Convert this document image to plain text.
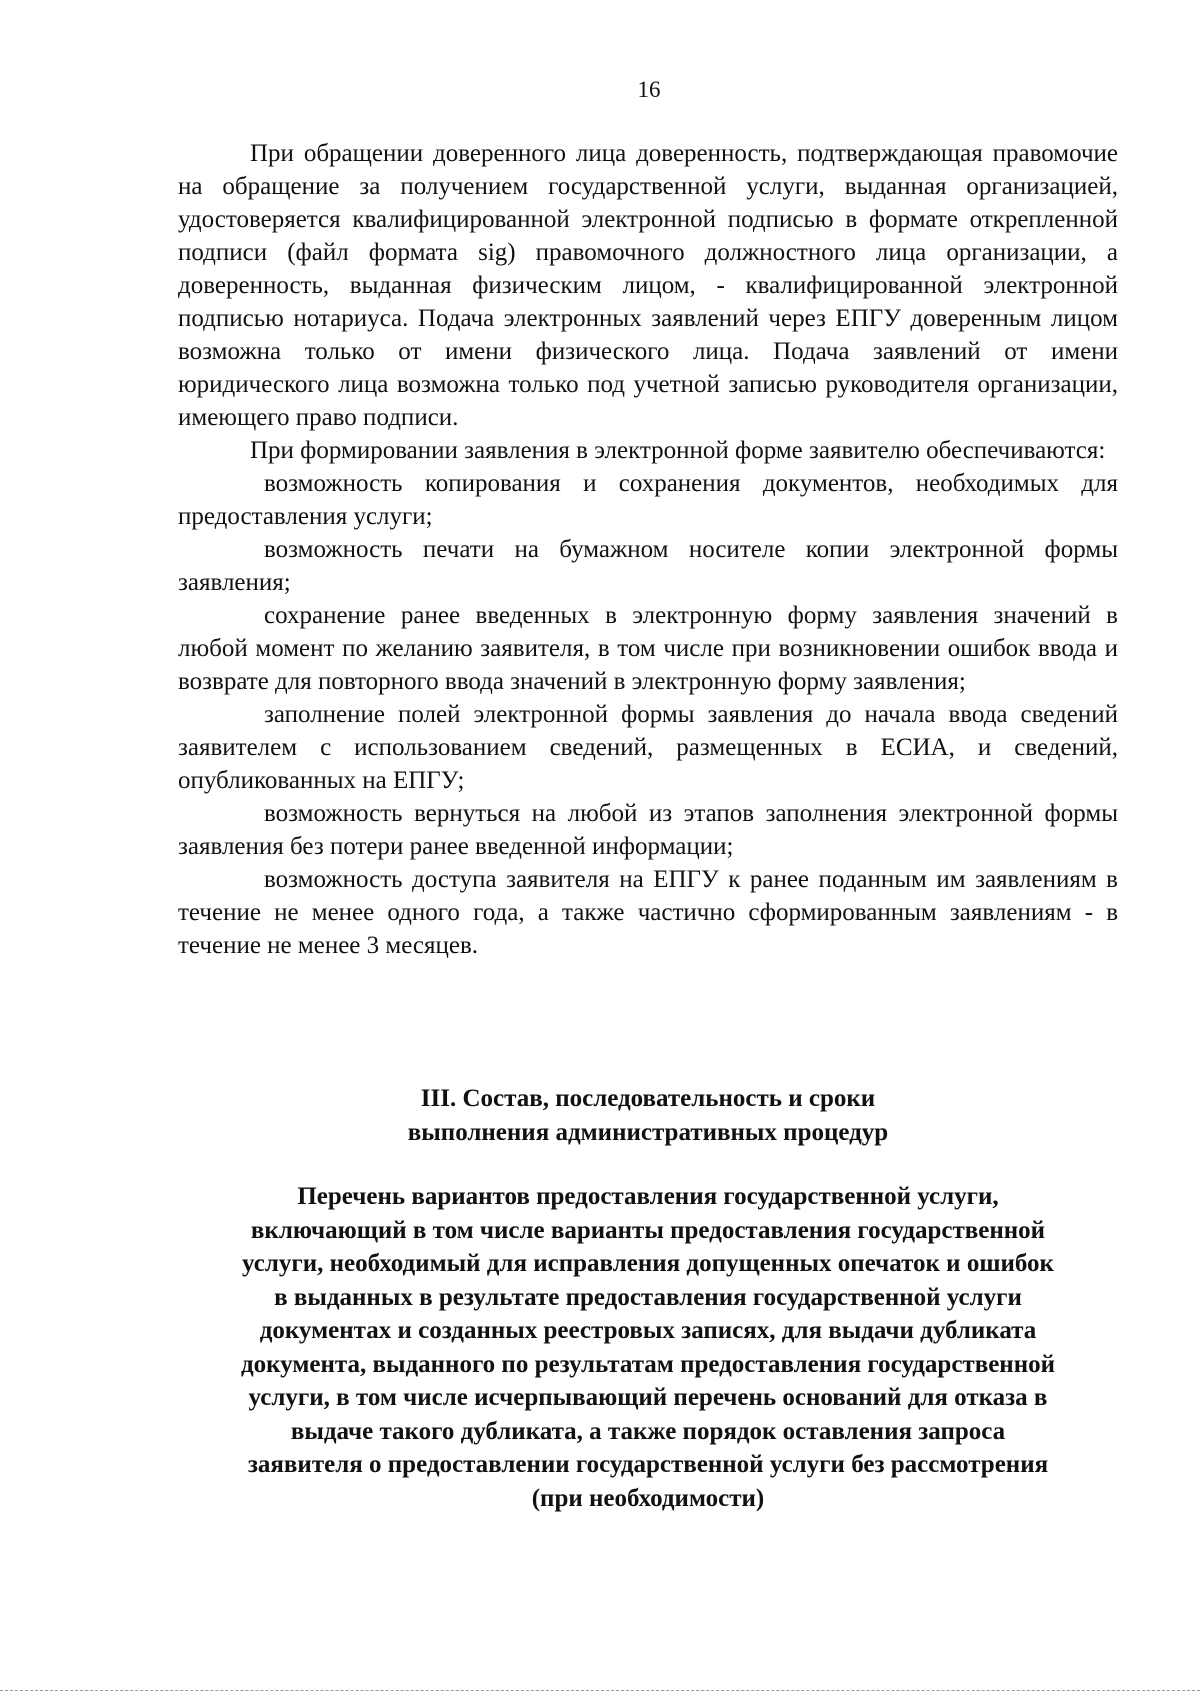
16

При обращении доверенного лица доверенность, подтверждающая правомочие на обращение за получением государственной услуги, выданная организацией, удостоверяется квалифицированной электронной подписью в формате открепленной подписи (файл формата sig) правомочного должностного лица организации, а доверенность, выданная физическим лицом, - квалифицированной электронной подписью нотариуса. Подача электронных заявлений через ЕПГУ доверенным лицом возможна только от имени физического лица. Подача заявлений от имени юридического лица возможна только под учетной записью руководителя организации, имеющего право подписи.

При формировании заявления в электронной форме заявителю обеспечиваются:

возможность копирования и сохранения документов, необходимых для предоставления услуги;

возможность печати на бумажном носителе копии электронной формы заявления;

сохранение ранее введенных в электронную форму заявления значений в любой момент по желанию заявителя, в том числе при возникновении ошибок ввода и возврате для повторного ввода значений в электронную форму заявления;

заполнение полей электронной формы заявления до начала ввода сведений заявителем с использованием сведений, размещенных в ЕСИА, и сведений, опубликованных на ЕПГУ;

возможность вернуться на любой из этапов заполнения электронной формы заявления без потери ранее введенной информации;

возможность доступа заявителя на ЕПГУ к ранее поданным им заявлениям в течение не менее одного года, а также частично сформированным заявлениям - в течение не менее 3 месяцев.

III. Состав, последовательность и сроки
выполнения административных процедур
Перечень вариантов предоставления государственной услуги,
включающий в том числе варианты предоставления государственной
услуги, необходимый для исправления допущенных опечаток и ошибок
в выданных в результате предоставления государственной услуги
документах и созданных реестровых записях, для выдачи дубликата
документа, выданного по результатам предоставления государственной
услуги, в том числе исчерпывающий перечень оснований для отказа в
выдаче такого дубликата, а также порядок оставления запроса
заявителя о предоставлении государственной услуги без рассмотрения
(при необходимости)
